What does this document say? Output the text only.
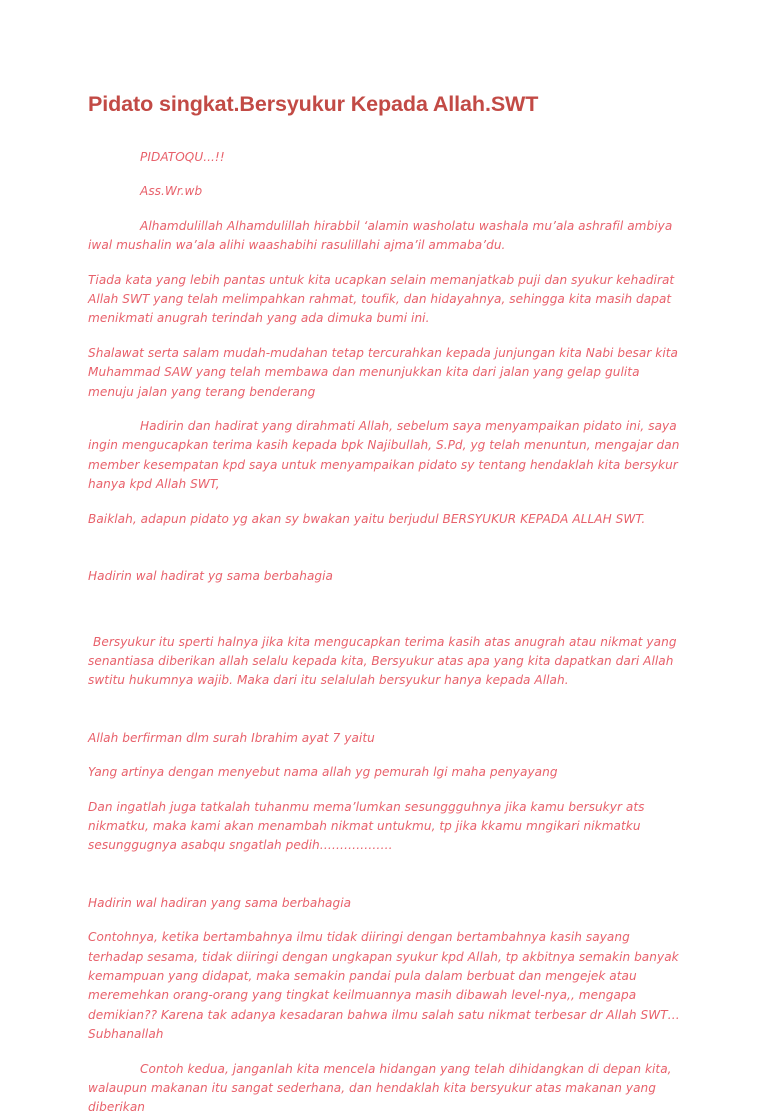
Pidato singkat.Bersyukur Kepada Allah.SWT

PIDATOQU...!!

Ass.Wr.wb

Alhamdulillah Alhamdulillah hirabbil ‘alamin washolatu washala mu’ala ashrafil ambiya iwal mushalin wa’ala alihi waashabihi rasulillahi ajma’il ammaba’du.

Tiada kata yang lebih pantas untuk kita ucapkan selain memanjatkab puji dan syukur kehadirat Allah SWT yang telah melimpahkan rahmat, toufik, dan hidayahnya, sehingga kita masih dapat menikmati anugrah terindah yang ada dimuka bumi ini.

Shalawat serta salam mudah-mudahan tetap tercurahkan kepada junjungan kita Nabi besar kita Muhammad SAW yang telah membawa dan menunjukkan kita dari jalan yang gelap gulita menuju jalan yang terang benderang

Hadirin dan hadirat yang dirahmati Allah, sebelum saya menyampaikan pidato ini, saya ingin mengucapkan terima kasih kepada bpk Najibullah, S.Pd, yg telah menuntun, mengajar dan member kesempatan kpd saya untuk menyampaikan pidato sy tentang hendaklah kita bersykur hanya kpd Allah SWT,

Baiklah, adapun pidato yg akan sy bwakan yaitu berjudul BERSYUKUR KEPADA ALLAH SWT.

Hadirin wal hadirat yg sama berbahagia

Bersyukur itu sperti halnya jika kita mengucapkan terima kasih atas anugrah atau nikmat yang senantiasa diberikan allah selalu kepada kita, Bersyukur atas apa yang kita dapatkan dari Allah swtitu hukumnya wajib. Maka dari itu selalulah bersyukur hanya kepada Allah.

Allah berfirman dlm surah Ibrahim ayat 7 yaitu

Yang artinya dengan menyebut nama allah yg pemurah lgi maha penyayang

Dan ingatlah juga tatkalah tuhanmu mema’lumkan sesunggguhnya jika kamu bersukyr ats nikmatku, maka kami akan menambah nikmat untukmu, tp jika kkamu mngikari nikmatku sesunggugnya asabqu sngatlah pedih………………

Hadirin wal hadiran yang sama berbahagia

Contohnya, ketika bertambahnya ilmu tidak diiringi dengan bertambahnya kasih sayang terhadap sesama, tidak diiringi dengan ungkapan syukur kpd Allah, tp akbitnya semakin banyak kemampuan yang didapat, maka semakin pandai pula dalam berbuat dan mengejek atau meremehkan orang-orang yang tingkat keilmuannya masih dibawah level-nya,, mengapa demikian?? Karena tak adanya kesadaran bahwa ilmu salah satu nikmat terbesar dr Allah SWT…Subhanallah

Contoh kedua, janganlah kita mencela hidangan yang telah dihidangkan di depan kita, walaupun makanan itu sangat sederhana, dan hendaklah kita bersyukur atas makanan yang diberikan
